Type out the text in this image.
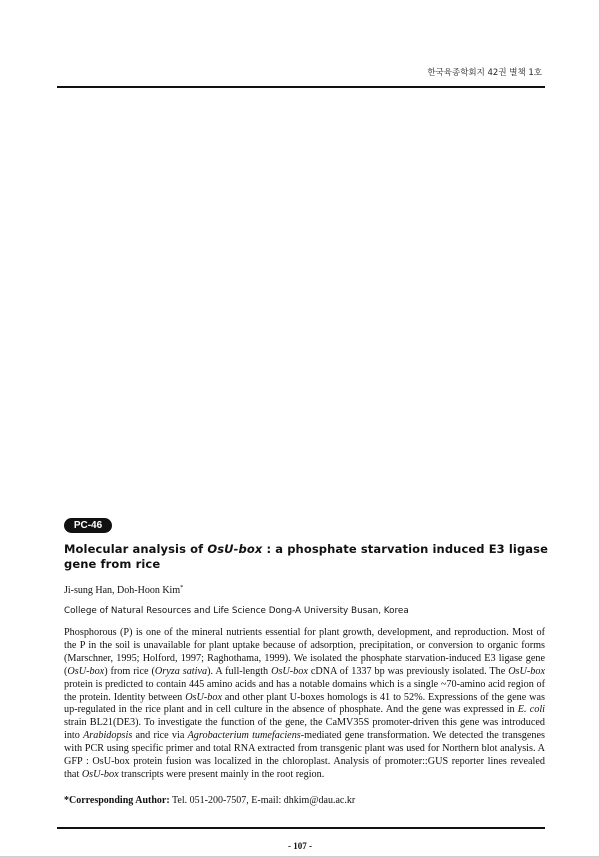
한국육종학회지 42권 별책 1호
PC-46
Molecular analysis of OsU-box : a phosphate starvation induced E3 ligase gene from rice
Ji-sung Han, Doh-Hoon Kim*
College of Natural Resources and Life Science Dong-A University Busan, Korea

Phosphorous (P) is one of the mineral nutrients essential for plant growth, development, and reproduction. Most of the P in the soil is unavailable for plant uptake because of adsorption, precipitation, or conversion to organic forms (Marschner, 1995; Holford, 1997; Raghothama, 1999). We isolated the phosphate starvation-induced E3 ligase gene (OsU-box) from rice (Oryza sativa). A full-length OsU-box cDNA of 1337 bp was previously isolated. The OsU-box protein is predicted to contain 445 amino acids and has a notable domains which is a single ~70-amino acid region of the protein. Identity between OsU-box and other plant U-boxes homologs is 41 to 52%. Expressions of the gene was up-regulated in the rice plant and in cell culture in the absence of phosphate. And the gene was expressed in E. coli strain BL21(DE3). To investigate the function of the gene, the CaMV35S promoter-driven this gene was introduced into Arabidopsis and rice via Agrobacterium tumefaciens-mediated gene transformation. We detected the transgenes with PCR using specific primer and total RNA extracted from transgenic plant was used for Northern blot analysis. A GFP : OsU-box protein fusion was localized in the chloroplast. Analysis of promoter::GUS reporter lines revealed that OsU-box transcripts were present mainly in the root region.

*Corresponding Author: Tel. 051-200-7507, E-mail: dhkim@dau.ac.kr
- 107 -
